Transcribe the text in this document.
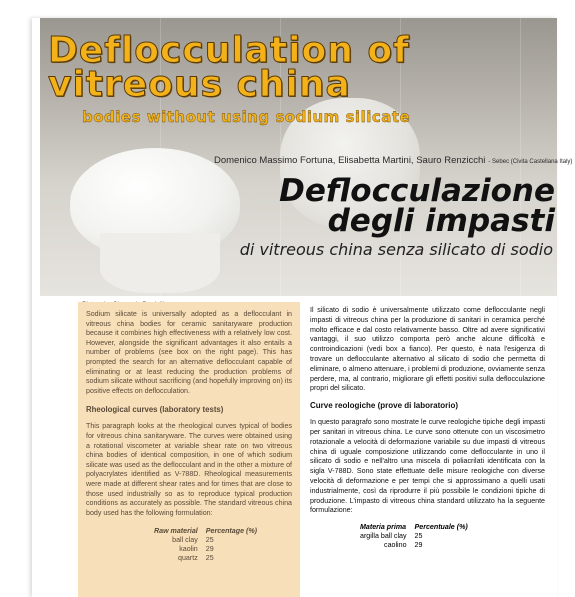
Deflocculation of vitreous china
bodies without using sodium silicate
Domenico Massimo Fortuna, Elisabetta Martini, Sauro Renzicchi - Sebec (Civita Castellana Italy)
Deflocculazione
degli impasti
di vitreous china senza silicato di sodio

Sodium silicate is universally adopted as a deflocculant in vitreous china bodies for ceramic sanitaryware production because it combines high effectiveness with a relatively low cost. However, alongside the significant advantages it also entails a number of problems (see box on the right page). This has prompted the search for an alternative deflocculant capable of eliminating or at least reducing the production problems of sodium silicate without sacrificing (and hopefully improving on) its positive effects on deflocculation.

Rheological curves (laboratory tests)

This paragraph looks at the rheological curves typical of bodies for vitreous china sanitaryware. The curves were obtained using a rotational viscometer at variable shear rate on two vitreous china bodies of identical composition, in one of which sodium silicate was used as the deflocculant and in the other a mixture of polyacrylates identified as V-788D. Rheological measurements were made at different shear rates and for times that are close to those used industrially so as to reproduce typical production conditions as accurately as possible. The standard vitreous china body used has the following formulation:

Raw material	Percentage (%)
ball clay	25
kaolin	29
quartz	25

Il silicato di sodio è universalmente utilizzato come deflocculante negli impasti di vitreous china per la produzione di sanitari in ceramica perché molto efficace e dal costo relativamente basso. Oltre ad avere significativi vantaggi, il suo utilizzo comporta però anche alcune difficoltà e controindicazioni (vedi box a fianco). Per questo, è nata l'esigenza di trovare un deflocculante alternativo al silicato di sodio che permetta di eliminare, o almeno attenuare, i problemi di produzione, ovviamente senza perdere, ma, al contrario, migliorare gli effetti positivi sulla deflocculazione propri del silicato.

Curve reologiche (prove di laboratorio)

In questo paragrafo sono mostrate le curve reologiche tipiche degli impasti per sanitari in vitreous china. Le curve sono ottenute con un viscosimetro rotazionale a velocità di deformazione variabile su due impasti di vitreous china di uguale composizione utilizzando come deflocculante in uno il silicato di sodio e nell'altro una miscela di poliacrilati identificata con la sigla V-788D. Sono state effettuate delle misure reologiche con diverse velocità di deformazione e per tempi che si approssimano a quelli usati industrialmente, così da riprodurre il più possibile le condizioni tipiche di produzione. L'impasto di vitreous china standard utilizzato ha la seguente formulazione:

Materia prima	Percentuale (%)
argilla ball clay	25
caolino	29
